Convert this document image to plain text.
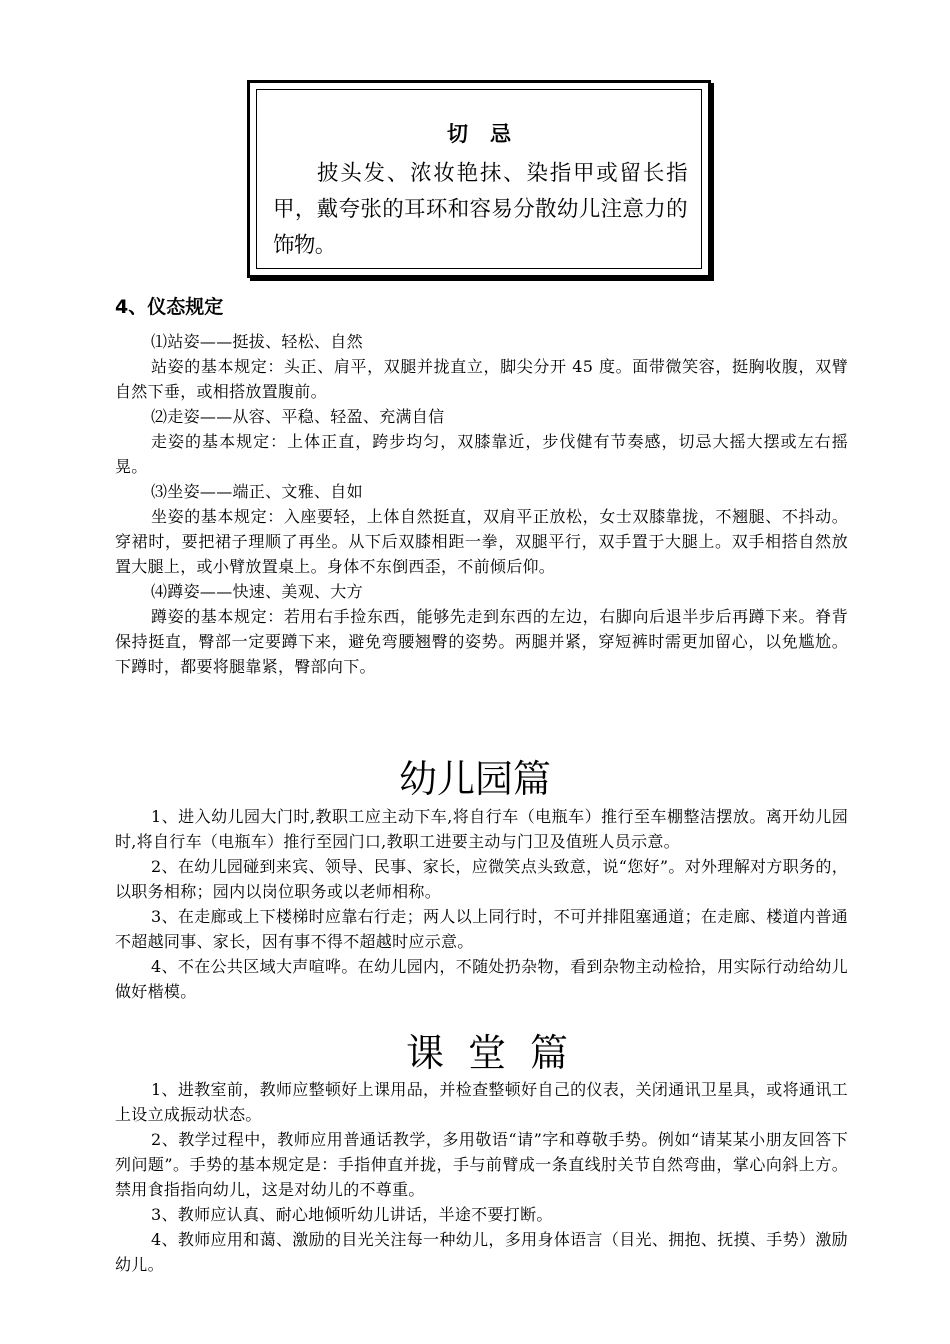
切忌
披头发、浓妆艳抹、染指甲或留长指甲，戴夸张的耳环和容易分散幼儿注意力的饰物。
4、仪态规定

⑴站姿——挺拔、轻松、自然

站姿的基本规定：头正、肩平，双腿并拢直立，脚尖分开 45 度。面带微笑容，挺胸收腹，双臂自然下垂，或相搭放置腹前。

⑵走姿——从容、平稳、轻盈、充满自信

走姿的基本规定：上体正直，跨步均匀，双膝靠近，步伐健有节奏感，切忌大摇大摆或左右摇晃。

⑶坐姿——端正、文雅、自如

坐姿的基本规定：入座要轻，上体自然挺直，双肩平正放松，女士双膝靠拢，不翘腿、不抖动。穿裙时，要把裙子理顺了再坐。从下后双膝相距一拳，双腿平行，双手置于大腿上。双手相搭自然放置大腿上，或小臂放置桌上。身体不东倒西歪，不前倾后仰。

⑷蹲姿——快速、美观、大方

蹲姿的基本规定：若用右手捡东西，能够先走到东西的左边，右脚向后退半步后再蹲下来。脊背保持挺直，臀部一定要蹲下来，避免弯腰翘臀的姿势。两腿并紧，穿短裤时需更加留心，以免尴尬。下蹲时，都要将腿靠紧，臀部向下。

幼儿园篇

1、进入幼儿园大门时,教职工应主动下车,将自行车（电瓶车）推行至车棚整洁摆放。离开幼儿园时,将自行车（电瓶车）推行至园门口,教职工进要主动与门卫及值班人员示意。

2、在幼儿园碰到来宾、领导、民事、家长，应微笑点头致意，说“您好”。对外理解对方职务的，以职务相称；园内以岗位职务或以老师相称。

3、在走廊或上下楼梯时应靠右行走；两人以上同行时，不可并排阻塞通道；在走廊、楼道内普通不超越同事、家长，因有事不得不超越时应示意。

4、不在公共区域大声喧哗。在幼儿园内，不随处扔杂物，看到杂物主动检拾，用实际行动给幼儿做好楷模。

课堂篇

1、进教室前，教师应整顿好上课用品，并检查整顿好自己的仪表，关闭通讯卫星具，或将通讯工上设立成振动状态。

2、教学过程中，教师应用普通话教学，多用敬语“请”字和尊敬手势。例如“请某某小朋友回答下列问题”。手势的基本规定是：手指伸直并拢，手与前臂成一条直线肘关节自然弯曲，掌心向斜上方。禁用食指指向幼儿，这是对幼儿的不尊重。

3、教师应认真、耐心地倾听幼儿讲话，半途不要打断。

4、教师应用和蔼、激励的目光关注每一种幼儿，多用身体语言（目光、拥抱、抚摸、手势）激励幼儿。
